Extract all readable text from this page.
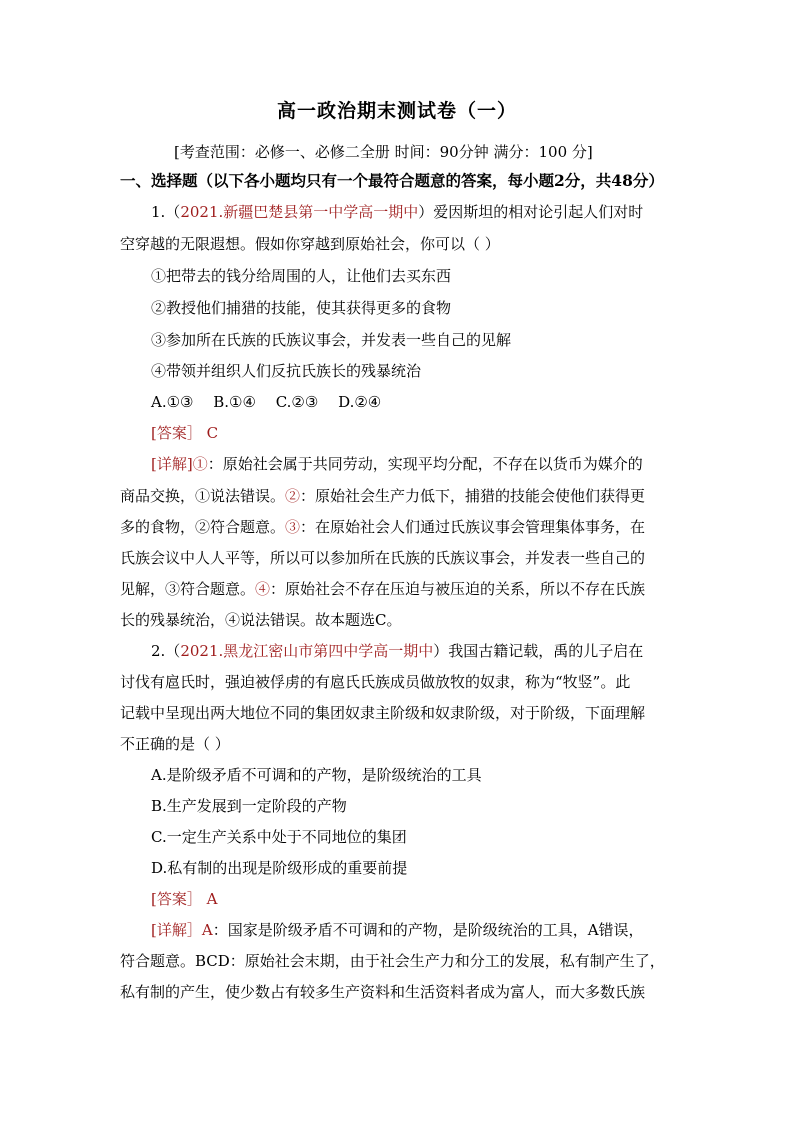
高一政治期末测试卷（一）
[考查范围：必修一、必修二全册 时间：90分钟 满分：100 分]
一、选择题（以下各小题均只有一个最符合题意的答案，每小题2分，共48分）
1.（2021.新疆巴楚县第一中学高一期中）爱因斯坦的相对论引起人们对时
空穿越的无限遐想。假如你穿越到原始社会，你可以（ ）
①把带去的钱分给周围的人，让他们去买东西
②教授他们捕猎的技能，使其获得更多的食物
③参加所在氏族的氏族议事会，并发表一些自己的见解
④带领并组织人们反抗氏族长的残暴统治
A.①③　 B.①④　 C.②③　 D.②④
[答案］ C
[详解]①：原始社会属于共同劳动，实现平均分配，不存在以货币为媒介的
商品交换，①说法错误。②：原始社会生产力低下，捕猎的技能会使他们获得更
多的食物，②符合题意。③：在原始社会人们通过氏族议事会管理集体事务，在
氏族会议中人人平等，所以可以参加所在氏族的氏族议事会，并发表一些自己的
见解，③符合题意。④：原始社会不存在压迫与被压迫的关系，所以不存在氏族
长的残暴统治，④说法错误。故本题选C。
2.（2021.黑龙江密山市第四中学高一期中）我国古籍记载，禹的儿子启在
讨伐有扈氏时，强迫被俘虏的有扈氏氏族成员做放牧的奴隶，称为“牧竖”。此
记载中呈现出两大地位不同的集团奴隶主阶级和奴隶阶级，对于阶级，下面理解
不正确的是（ ）
A.是阶级矛盾不可调和的产物，是阶级统治的工具
B.生产发展到一定阶段的产物
C.一定生产关系中处于不同地位的集团
D.私有制的出现是阶级形成的重要前提
[答案］ A
[详解］A：国家是阶级矛盾不可调和的产物，是阶级统治的工具，A错误，
符合题意。BCD：原始社会末期，由于社会生产力和分工的发展，私有制产生了，
私有制的产生，使少数占有较多生产资料和生活资料者成为富人，而大多数氏族
